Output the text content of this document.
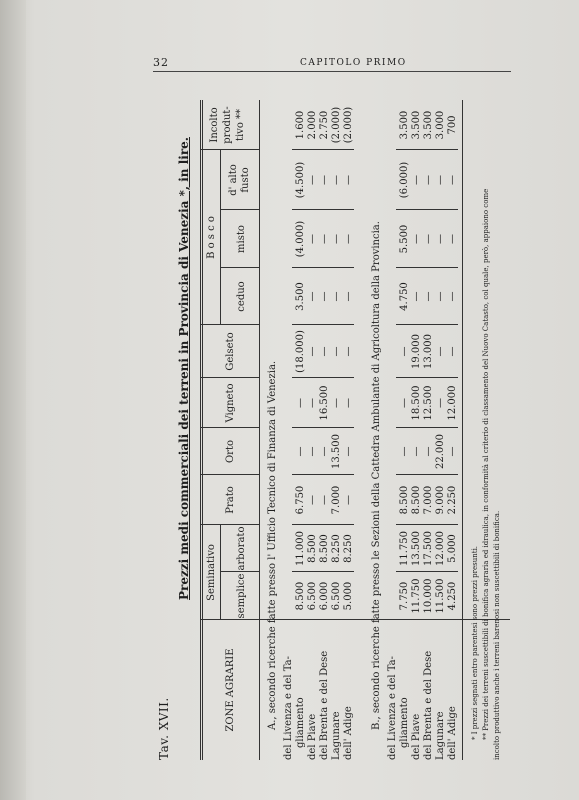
32	CAPITOLO PRIMO
Tav. XVII.
Prezzi medi commerciali dei terreni in Provincia di Venezia *, in lire.
ZONE AGRARIE
Seminativo semplice
arborato
Prato
Orto
Vigneto
Gelseto
B o s c o
ceduo
misto
d' alto fusto
Incolto produt- tivo **
A., secondo ricerche fatte presso l' Ufficio Tecnico di Finanza di Venezia. del Livenza e del Ta- gliamento del Piave del Brenta e del Dese Lagunare dell' Adige
B., secondo ricerche fatte presso le Sezioni della Cattedra Ambulante di Agricoltura della Provincia. del Livenza e del Ta- gliamento del Piave del Brenta e del Dese Lagunare dell' Adige * I prezzi segnati entro parentesi sono prezzi presunti. ** Prezzi dei terreni suscettibili di bonifica agraria ed idraulica, in conformità al criterio di classamento del Nuovo Catasto, col quale, però, appaiono come incolto produttivo anche i terreni barenosi non suscettibili di bonifica.
8.500
11.000
6.750
—
—
(18.000)
3.500
(4.000)
(4.500)
1.600
6.500
8.500
—
—
—
—
—
—
—
2.000
6.000
8.500
—
—
16.500
—
—
—
—
2.750
6.500
8.250
7.000
13.500
—
—
—
—
—
(2.000)
5.000
8.250
—
—
—
—
—
—
—
(2.000)
7.750
11.750
8.500
—
—
—
4.750
5.500
(6.000)
3.500
11.750
13.500
8.500
—
18.500
19.000
—
—
—
3.500
10.000
17.500
7.000
—
12.500
13.000
—
—
—
3.500
11.500
12.000
9.000
22.000
—
—
—
—
—
3.000
4.250
5.000
2.250
—
12.000
—
—
—
—
700
